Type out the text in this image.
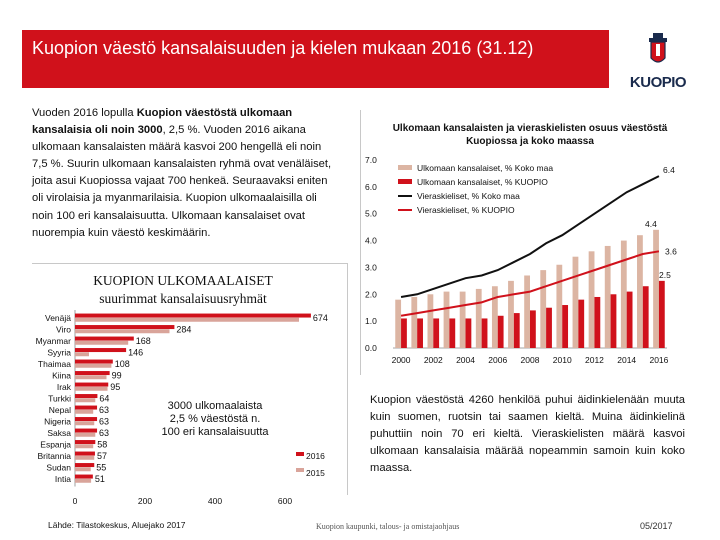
Kuopion väestö kansalaisuuden ja kielen mukaan 2016 (31.12)
KUOPIO
Vuoden 2016 lopulla Kuopion väestöstä ulkomaan kansalaisia oli noin 3000, 2,5 %. Vuoden 2016 aikana ulkomaan kansalaisten määrä kasvoi 200 hengellä eli noin 7,5 %. Suurin ulkomaan kansalaisten ryhmä ovat venäläiset, joita asui Kuopiossa vajaat 700 henkeä. Seuraavaksi eniten oli virolaisia ja myanmarilaisia. Kuopion ulkomaalaisilla oli noin 100 eri kansalaisuutta. Ulkomaan kansalaiset ovat nuorempia kuin väestö keskimäärin.
KUOPION ULKOMAALAISET suurimmat kansalaisuusryhmät
Venäjä	674
Viro	284
Myanmar	168
Syyria	146
Thaimaa	108
Kiina	99
Irak	95
Turkki	64
Nepal	63
Nigeria	63
Saksa	63
Espanja	58
Britannia	57
Sudan	55
Intia	51
0	200	400	600
2016
2015
3000 ulkomaalaista 2,5 % väestöstä n. 100 eri kansalaisuutta
Ulkomaan kansalaisten ja vieraskielisten osuus väestöstä Kuopiossa ja koko maassa
0.0
1.0
2.0
3.0
4.0
5.0
6.0
7.0
2000 2002 2004 2006 2008 2010 2012 2014 2016
6.4
4.4
3.6
2.5
Ulkomaan kansalaiset, % Koko maa
Ulkomaan kansalaiset, % KUOPIO
Vieraskieliset, % Koko maa
Vieraskieliset, % KUOPIO
Kuopion väestöstä 4260 henkilöä puhui äidinkielenään muuta kuin suomen, ruotsin tai saamen kieltä. Muina äidinkielinä puhuttiin noin 70 eri kieltä. Vieraskielisten määrä kasvoi ulkomaan kansalaisia määrää nopeammin samoin kuin koko maassa.
Lähde: Tilastokeskus, Aluejako 2017	Kuopion kaupunki, talous- ja omistajaohjaus	05/2017
